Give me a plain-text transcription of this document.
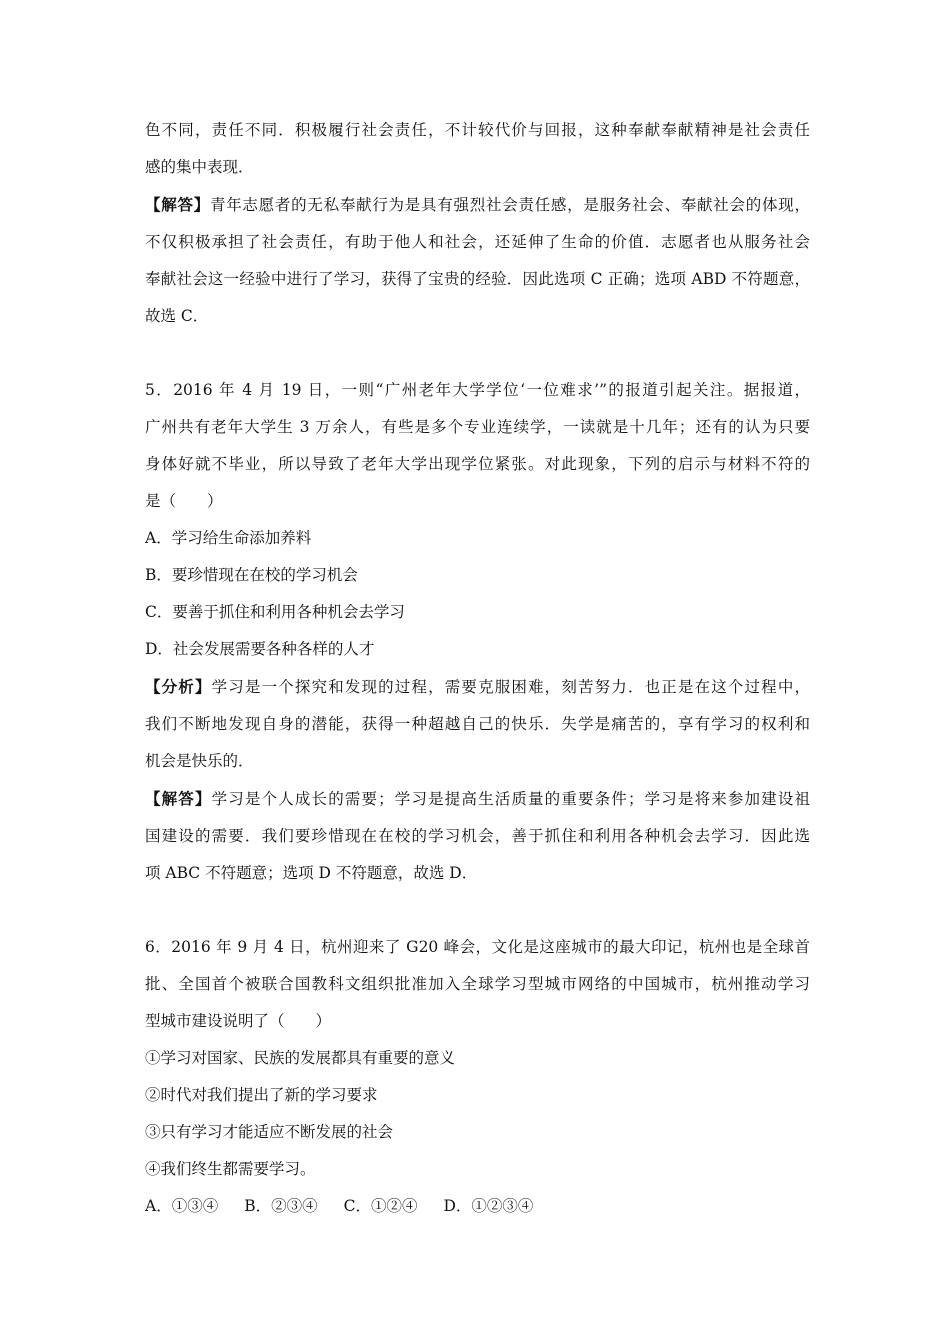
色不同，责任不同．积极履行社会责任，不计较代价与回报，这种奉献奉献精神是社会责任

感的集中表现．

【解答】青年志愿者的无私奉献行为是具有强烈社会责任感，是服务社会、奉献社会的体现，

不仅积极承担了社会责任，有助于他人和社会，还延伸了生命的价值．志愿者也从服务社会

奉献社会这一经验中进行了学习，获得了宝贵的经验．因此选项 C 正确；选项 ABD 不符题意，

故选 C．

5．2016 年 4 月 19 日，一则“广州老年大学学位‘一位难求’”的报道引起关注。据报道，

广州共有老年大学生 3 万余人，有些是多个专业连续学，一读就是十几年；还有的认为只要

身体好就不毕业，所以导致了老年大学出现学位紧张。对此现象，下列的启示与材料不符的

是（　　）

A．学习给生命添加养料

B．要珍惜现在在校的学习机会

C．要善于抓住和利用各种机会去学习

D．社会发展需要各种各样的人才

【分析】学习是一个探究和发现的过程，需要克服困难，刻苦努力．也正是在这个过程中，

我们不断地发现自身的潜能，获得一种超越自己的快乐．失学是痛苦的，享有学习的权利和

机会是快乐的．

【解答】学习是个人成长的需要；学习是提高生活质量的重要条件；学习是将来参加建设祖

国建设的需要．我们要珍惜现在在校的学习机会，善于抓住和利用各种机会去学习．因此选

项 ABC 不符题意；选项 D 不符题意，故选 D．

6．2016 年 9 月 4 日，杭州迎来了 G20 峰会，文化是这座城市的最大印记，杭州也是全球首

批、全国首个被联合国教科文组织批准加入全球学习型城市网络的中国城市，杭州推动学习

型城市建设说明了（　　）

①学习对国家、民族的发展都具有重要的意义

②时代对我们提出了新的学习要求

③只有学习才能适应不断发展的社会

④我们终生都需要学习。

A．①③④ B．②③④ C．①②④ D．①②③④
